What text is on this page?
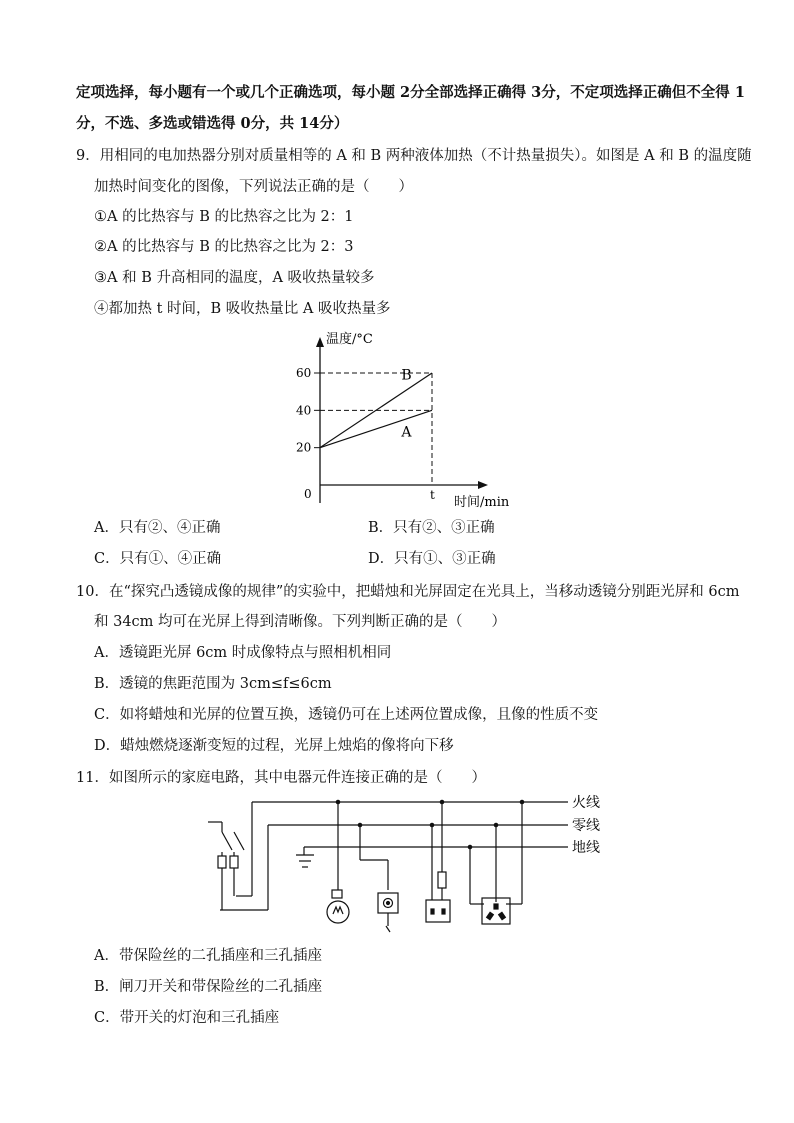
定项选择，每小题有一个或几个正确选项，每小题 2分全部选择正确得 3分，不定项选择正确但不全得 1
分，不选、多选或错选得 0分，共 14分）
9．用相同的电加热器分别对质量相等的 A 和 B 两种液体加热（不计热量损失）。如图是 A 和 B 的温度随
加热时间变化的图像，下列说法正确的是（　　）
①A 的比热容与 B 的比热容之比为 2：1
②A 的比热容与 B 的比热容之比为 2：3
③A 和 B 升高相同的温度，A 吸收热量较多
④都加热 t 时间，B 吸收热量比 A 吸收热量多
温度/°C
时间/min
0	t
20
40
60
A
B
A．只有②、④正确	B．只有②、③正确
C．只有①、④正确	D．只有①、③正确
10．在“探究凸透镜成像的规律”的实验中，把蜡烛和光屏固定在光具上，当移动透镜分别距光屏和 6cm
和 34cm 均可在光屏上得到清晰像。下列判断正确的是（　　）
A．透镜距光屏 6cm 时成像特点与照相机相同
B．透镜的焦距范围为 3cm≤f≤6cm
C．如将蜡烛和光屏的位置互换，透镜仍可在上述两位置成像，且像的性质不变
D．蜡烛燃烧逐渐变短的过程，光屏上烛焰的像将向下移
11．如图所示的家庭电路，其中电器元件连接正确的是（　　）
火线
零线
地线
A．带保险丝的二孔插座和三孔插座
B．闸刀开关和带保险丝的二孔插座
C．带开关的灯泡和三孔插座
